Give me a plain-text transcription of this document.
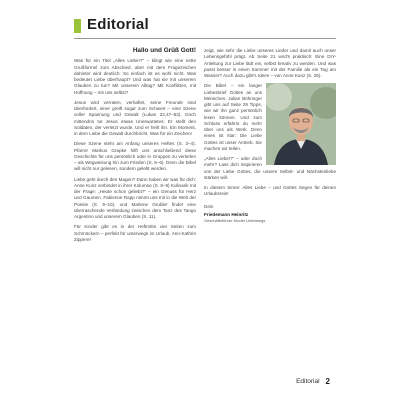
Editorial

Hallo und Grüß Gott!

Was für ein Titel „Alles Liebe!?“ – klingt wie eine nette Grußformel zum Abschied, aber mit dem Fragezeichen dahinter wird deutlich: So einfach ist es wohl nicht. Was bedeutet Liebe überhaupt? Und was hat sie mit unserem Glauben zu tun? Mit unserem Alltag? Mit Konflikten, mit Hoffnung – mit uns selbst?

Jesus wird verraten, verhaftet, seine Freunde sind überfordert, einer greift sogar zum Schwert – eine Szene voller Spannung und Gewalt (Lukas 22,47–53). Doch mittendrin tut Jesus etwas Unerwartetes: Er stellt den Soldaten, der verletzt wurde. Und er heilt ihn. Ein Moment, in dem Liebe die Gewalt durchbricht. Was für ein Zeichen!

Diese Szene steht am Anfang unseres Heftes (S. 3–4). Pfarrer Markus Grapke hilft uns anschließend diese Geschichte für uns persönlich oder in Gruppen zu vertiefen – als Wegweisung hin zum Frieden (S. 5–6). Denn die Bibel will nicht nur gelesen, sondern gelebt werden.

Liebe geht durch den Magen? Dann haben wir was für dich: Anne Kunz verbindet in ihrer Kolumne (S. 8–9) Kulinarik mit der Frage: „Heute schon geliebt?“ – ein Genuss für Herz und Gaumen. Fabienne Rapp nimmt uns mit in die Welt der Poesie (S. 9–10), und Marlene Grubler findet eine überraschende Verbindung zwischen dem Tanz des Tango Argentino und unserem Glauben (S. 11).

Für Kinder gibt es in der Heftmitte vier Seiten zum Schmöckern – perfekt für unterwegs im Urlaub. Ann-Kathrin Zipperer

zeigt, wie sehr die Liebe unseres Lieder und damit auch unser Lebensgefühl prägt. Ab Seite 21 wird's praktisch: Eine DIY-Anleitung zur Liebe lädt ein, selbst kreativ zu werden. Und was passt besser in einen Sommer mit der Familie als ein Tag am Wasser? Auch dazu gibt's Ideen – von Anne Kunz (S. 26).

Die Bibel – ein langer Liebesbrief Gottes an uns Menschen. Julian Böhringer gibt uns auf Seite 29 Tipps, wie wir ihn ganz persönlich lesen können. Und zum Schluss erfährst du mehr über uns als Werk. Denn eines ist klar: Die Liebe Gottes ist unser Antrieb. Sie machen wir teilen.

„Alles Liebe!?“ – oder doch mehr? Lass dich inspirieren von der Liebe Gottes, die unsere Selbst- und Nächstenliebe stärken will.

In diesem Sinne: Alles Liebe – und Gottes Segen für deinen Urlaubsreis!

Dein
Friedemann Heinritz
Geschäftsführer Kinder Unterwegs
Editorial 2
